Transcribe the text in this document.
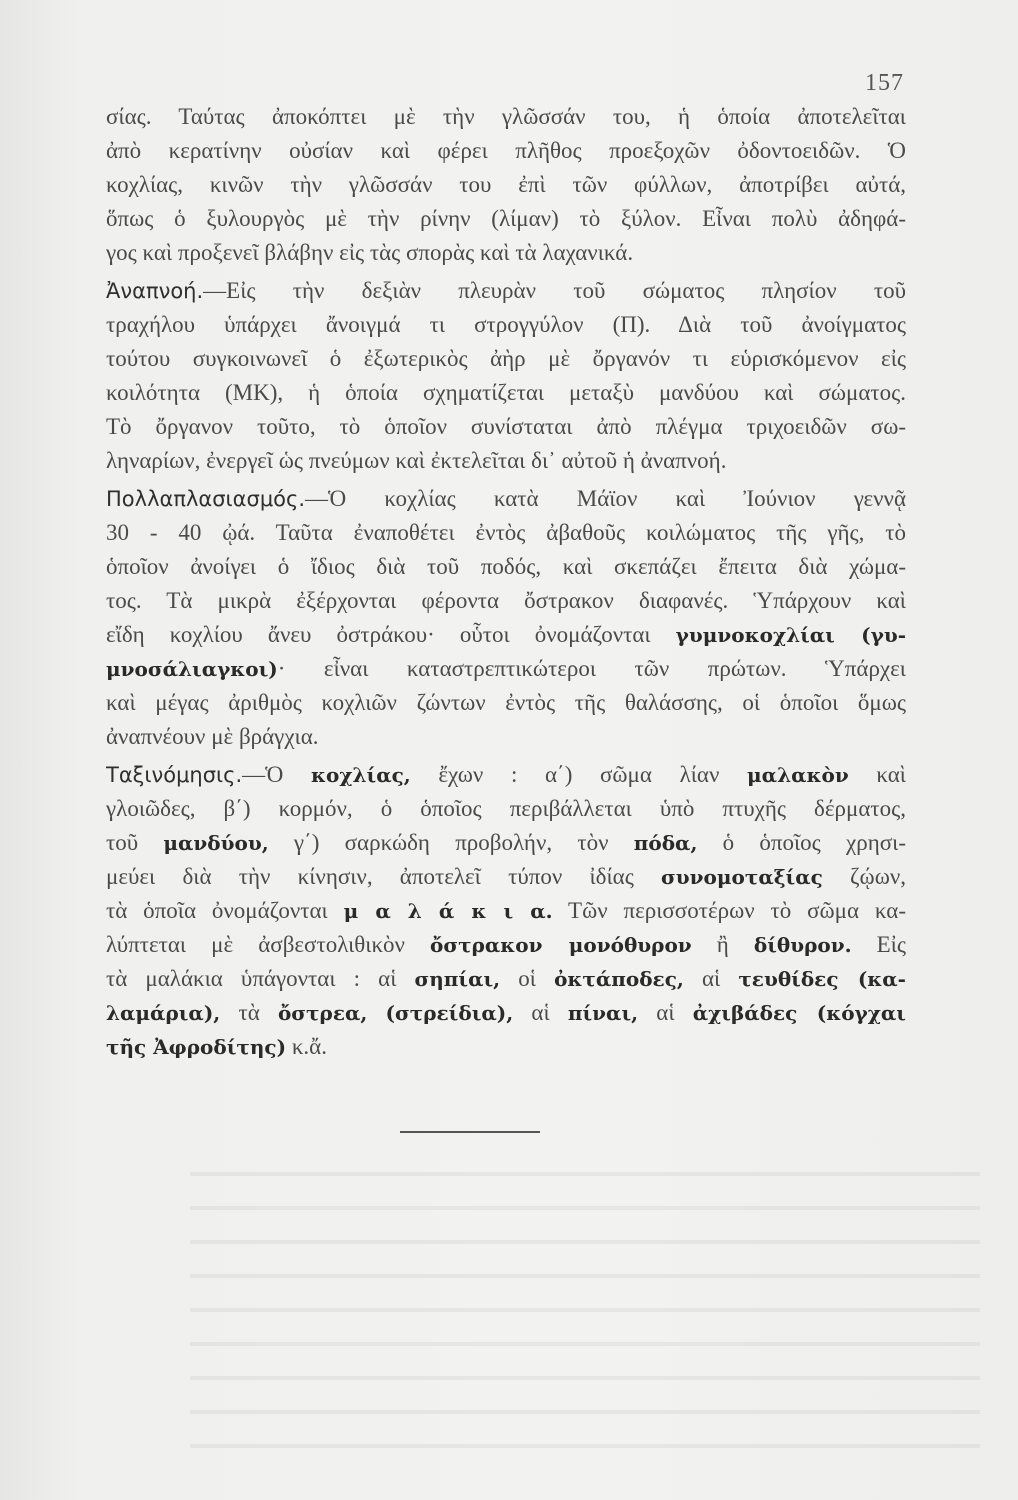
157
σίας. Ταύτας ἀποκόπτει μὲ τὴν γλῶσσάν του, ἡ ὁποία ἀποτελεῖται
ἀπὸ κερατίνην οὐσίαν καὶ φέρει πλῆθος προεξοχῶν ὀδοντοειδῶν. Ὁ
κοχλίας, κινῶν τὴν γλῶσσάν του ἐπὶ τῶν φύλλων, ἀποτρίβει αὐτά,
ὅπως ὁ ξυλουργὸς μὲ τὴν ρίνην (λίμαν) τὸ ξύλον. Εἶναι πολὺ ἀδηφά-
γος καὶ προξενεῖ βλάβην εἰς τὰς σπορὰς καὶ τὰ λαχανικά.
Ἀναπνοή.—Εἰς τὴν δεξιὰν πλευρὰν τοῦ σώματος πλησίον τοῦ
τραχήλου ὑπάρχει ἄνοιγμά τι στρογγύλον (Π). Διὰ τοῦ ἀνοίγματος
τούτου συγκοινωνεῖ ὁ ἐξωτερικὸς ἀὴρ μὲ ὄργανόν τι εὑρισκόμενον εἰς
κοιλότητα (ΜΚ), ἡ ὁποία σχηματίζεται μεταξὺ μανδύου καὶ σώματος.
Τὸ ὄργανον τοῦτο, τὸ ὁποῖον συνίσταται ἀπὸ πλέγμα τριχοειδῶν σω-
ληναρίων, ἐνεργεῖ ὡς πνεύμων καὶ ἐκτελεῖται δι᾿ αὐτοῦ ἡ ἀναπνοή.
Πολλαπλασιασμός.—Ὁ κοχλίας κατὰ Μάϊον καὶ Ἰούνιον γεννᾷ
30 - 40 ᾠά. Ταῦτα ἐναποθέτει ἐντὸς ἀβαθοῦς κοιλώματος τῆς γῆς, τὸ
ὁποῖον ἀνοίγει ὁ ἴδιος διὰ τοῦ ποδός, καὶ σκεπάζει ἔπειτα διὰ χώμα-
τος. Τὰ μικρὰ ἐξέρχονται φέροντα ὄστρακον διαφανές. Ὑπάρχουν καὶ
εἴδη κοχλίου ἄνευ ὀστράκου· οὗτοι ὀνομάζονται γυμνοκοχλίαι (γυ-
μνοσάλιαγκοι)· εἶναι καταστρεπτικώτεροι τῶν πρώτων. Ὑπάρχει
καὶ μέγας ἀριθμὸς κοχλιῶν ζώντων ἐντὸς τῆς θαλάσσης, οἱ ὁποῖοι ὅμως
ἀναπνέουν μὲ βράγχια.
Ταξινόμησις.—Ὁ κοχλίας, ἔχων : α΄) σῶμα λίαν μαλακὸν καὶ
γλοιῶδες, β΄) κορμόν, ὁ ὁποῖος περιβάλλεται ὑπὸ πτυχῆς δέρματος,
τοῦ μανδύου, γ΄) σαρκώδη προβολήν, τὸν πόδα, ὁ ὁποῖος χρησι-
μεύει διὰ τὴν κίνησιν, ἀποτελεῖ τύπον ἰδίας συνομοταξίας ζῴων,
τὰ ὁποῖα ὀνομάζονται μ α λ ά κ ι α. Τῶν περισσοτέρων τὸ σῶμα κα-
λύπτεται μὲ ἀσβεστολιθικὸν ὄστρακον μονόθυρον ἢ δίθυρον. Εἰς
τὰ μαλάκια ὑπάγονται : αἱ σηπίαι, οἱ ὀκτάποδες, αἱ τευθίδες (κα-
λαμάρια), τὰ ὄστρεα, (στρείδια), αἱ πίναι, αἱ ἀχιβάδες (κόγχαι
τῆς Ἀφροδίτης) κ.ἄ.
